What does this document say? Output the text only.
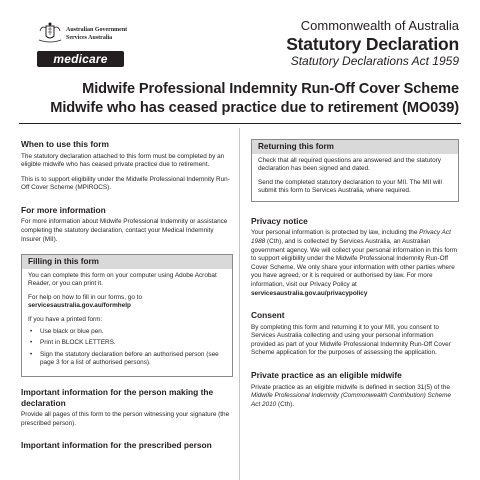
Australian Government
Services Australia
medicare
Commonwealth of Australia
Statutory Declaration
Statutory Declarations Act 1959
Midwife Professional Indemnity Run-Off Cover Scheme
Midwife who has ceased practice due to retirement (MO039)
When to use this form

The statutory declaration attached to this form must be completed by an eligible midwife who has ceased private practice due to retirement.

This is to support eligibility under the Midwife Professional Indemnity Run-Off Cover Scheme (MPIROCS).

For more information

For more information about Midwife Professional Indemnity or assistance completing the statutory declaration, contact your Medical Indemnity Insurer (MII).

Filling in this form

You can complete this form on your computer using Adobe Acrobat Reader, or you can print it.

For help on how to fill in our forms, go to
servicesaustralia.gov.au/formhelp

If you have a printed form:

• Use black or blue pen.
• Print in BLOCK LETTERS.
• Sign the statutory declaration before an authorised person (see page 3 for a list of authorised persons).
Important information for the person making the declaration

Provide all pages of this form to the person witnessing your signature (the prescribed person).

Important information for the prescribed person
Returning this form

Check that all required questions are answered and the statutory declaration has been signed and dated.

Send the completed statutory declaration to your MII. The MII will submit this form to Services Australia, where required.

Privacy notice

Your personal information is protected by law, including the Privacy Act 1988 (Cth), and is collected by Services Australia, an Australian government agency. We will collect your personal information in this form to support eligibility under the Midwife Professional Indemnity Run-Off Cover Scheme. We only share your information with other parties where you have agreed, or it is required or authorised by law. For more information, visit our Privacy Policy at servicesaustralia.gov.au/privacypolicy

Consent

By completing this form and returning it to your MII, you consent to Services Australia collecting and using your personal information provided as part of your Midwife Professional Indemnity Run-Off Cover Scheme application for the purposes of assessing the application.

Private practice as an eligible midwife

Private practice as an eligible midwife is defined in section 31(5) of the Midwife Professional Indemnity (Commonwealth Contribution) Scheme Act 2010 (Cth).
